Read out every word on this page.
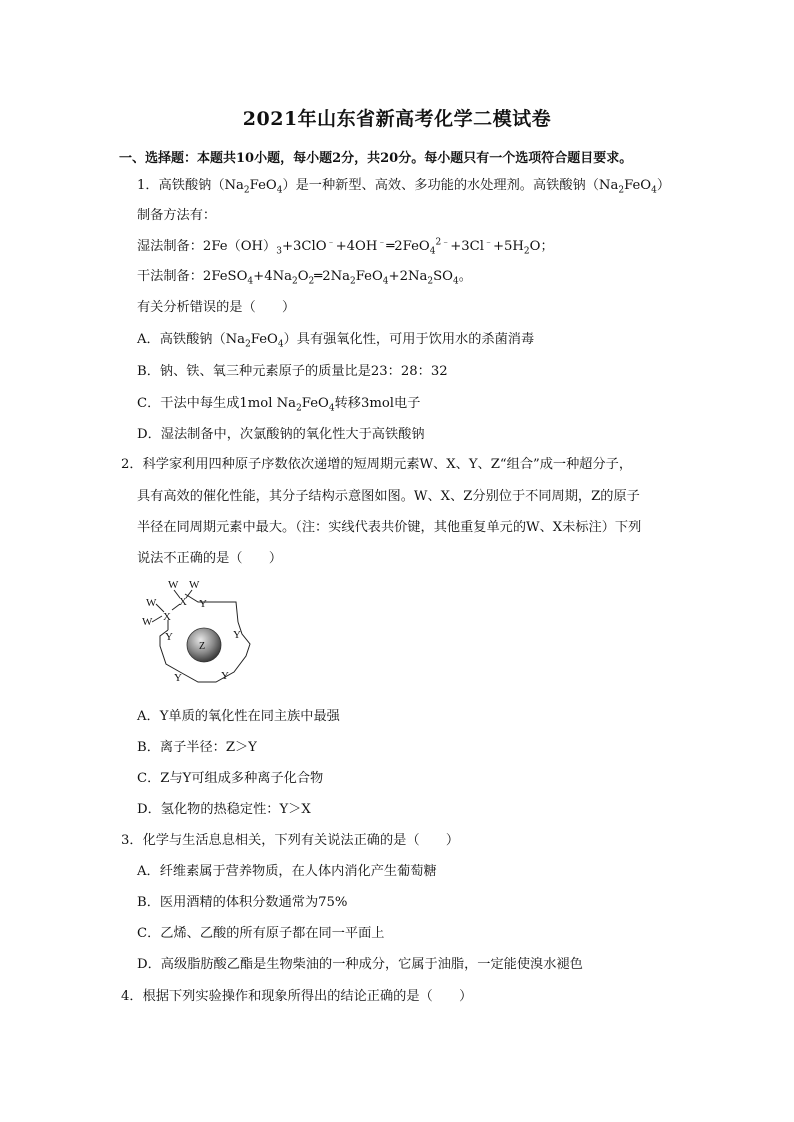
2021年山东省新高考化学二模试卷
一、选择题：本题共10小题，每小题2分，共20分。每小题只有一个选项符合题目要求。
1．高铁酸钠$(Na_2FeO_4)$是一种新型、高效、多功能的水处理剂。高铁酸钠$(Na_2FeO_4)$
制备方法有：
湿法制备：$2Fe(OH)_3+3ClO^﹣+4OH^﹣═2FeO_4^{2﹣}+3Cl^﹣+5H_2O$；
干法制备：$2FeSO_4+4Na_2O_2═2Na_2FeO_4+2Na_2SO_4$。
有关分析错误的是（　　）
A．高铁酸钠$(Na_2FeO_4)$具有强氧化性，可用于饮用水的杀菌消毒
B．钠、铁、氧三种元素原子的质量比是23：28：32
C．干法中每生成1mol $Na_2FeO_4$转移3mol电子
D．湿法制备中，次氯酸钠的氧化性大于高铁酸钠
2．科学家利用四种原子序数依次递增的短周期元素W、X、Y、Z“组合”成一种超分子，
具有高效的催化性能，其分子结构示意图如图。W、X、Z分别位于不同周期，Z的原子
半径在同周期元素中最大。（注：实线代表共价键，其他重复单元的W、X未标注）下列
说法不正确的是（　　）
W W
X
W
X
W
Y
Y	Y
Y	Y
Z
A．Y单质的氧化性在同主族中最强
B．离子半径：Z＞Y
C．Z与Y可组成多种离子化合物
D．氢化物的热稳定性：Y＞X
3．化学与生活息息相关，下列有关说法正确的是（　　）
A．纤维素属于营养物质，在人体内消化产生葡萄糖
B．医用酒精的体积分数通常为75%
C．乙烯、乙酸的所有原子都在同一平面上
D．高级脂肪酸乙酯是生物柴油的一种成分，它属于油脂，一定能使溴水褪色
4．根据下列实验操作和现象所得出的结论正确的是（　　）
